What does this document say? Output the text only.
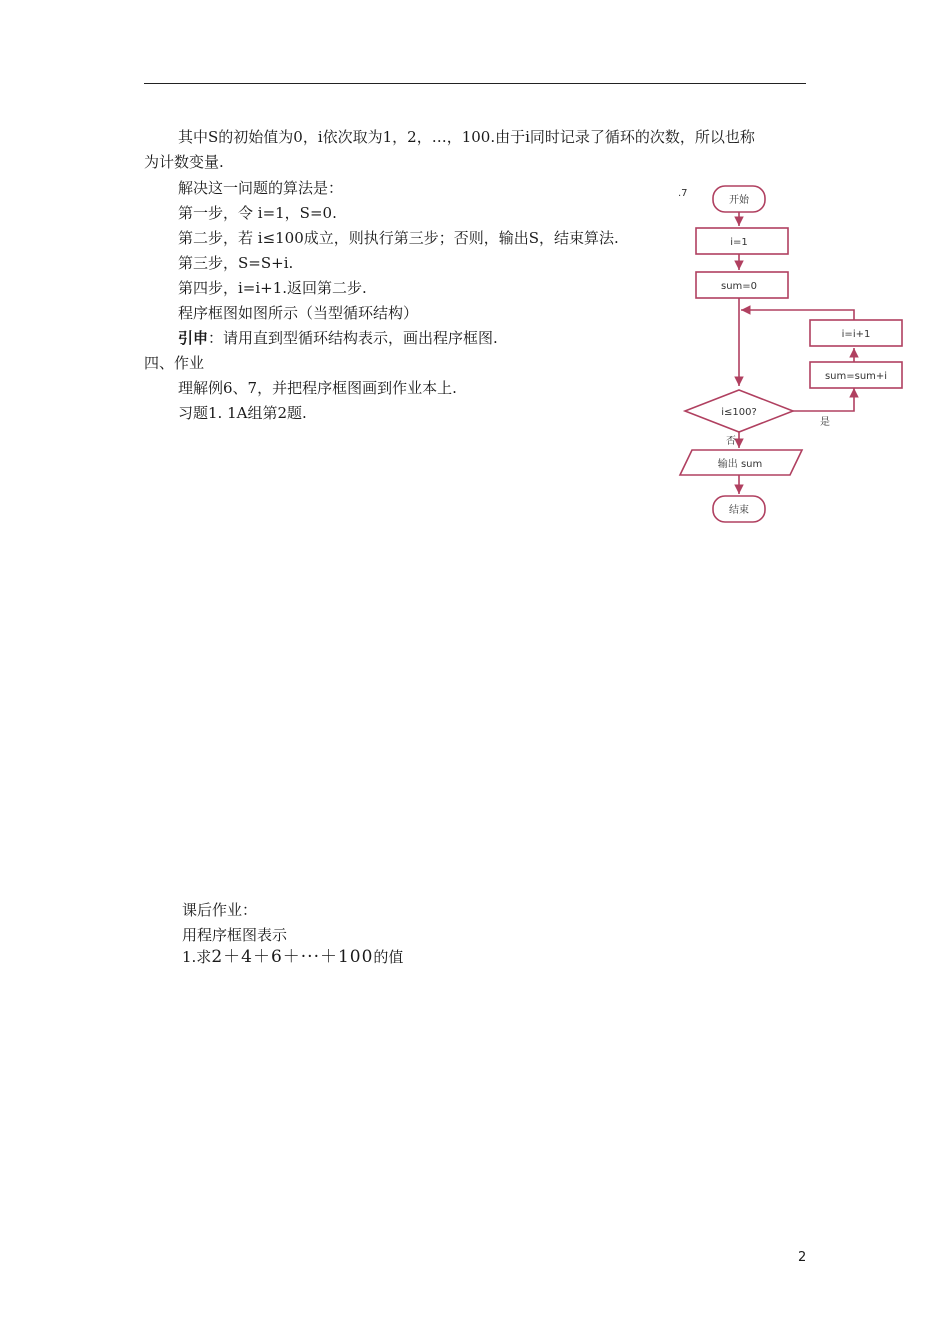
其中S的初始值为0，i依次取为1，2，…，100.由于i同时记录了循环的次数，所以也称
为计数变量.
解决这一问题的算法是：
第一步，令 i=1，S=0.
第二步，若 i≤100成立，则执行第三步；否则，输出S，结束算法.
第三步，S=S+i.
第四步，i=i+1.返回第二步.
程序框图如图所示（当型循环结构）
引申：请用直到型循环结构表示，画出程序框图.
四、作业
理解例6、7，并把程序框图画到作业本上.
习题1. 1A组第2题.
课后作业：
用程序框图表示
1.求2＋4＋6＋···＋100的值
.7
开始
i=1
sum=0
i≤100?
i=i+1
sum=sum+i
是
否
输出 sum
结束
2
